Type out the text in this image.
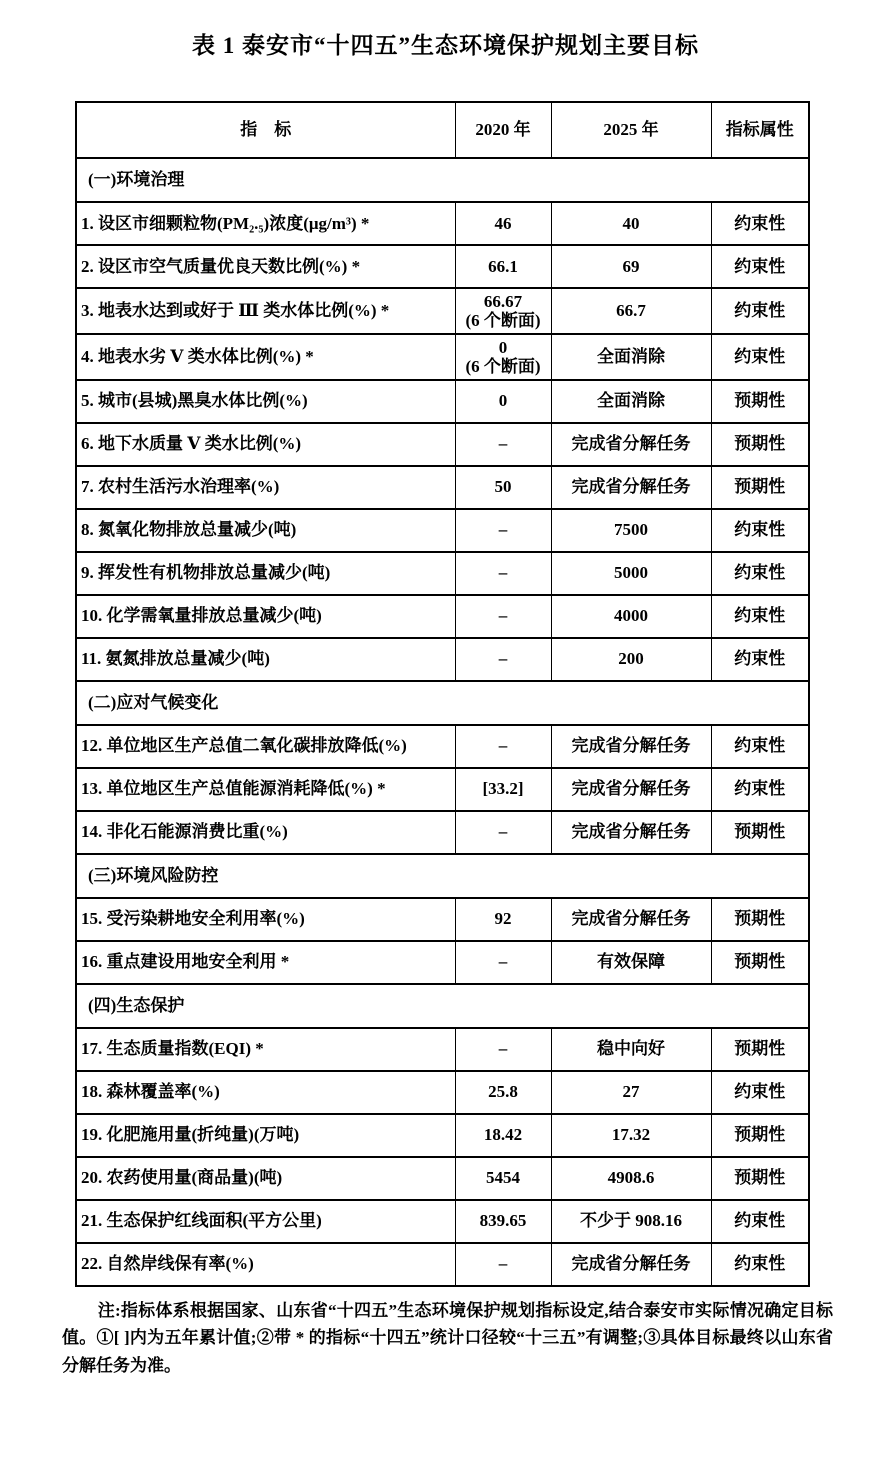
表 1 泰安市“十四五”生态环境保护规划主要目标
指　标	2020 年	2025 年	指标属性
(一)环境治理			
1. 设区市细颗粒物(PM₂.₅)浓度(μg/m³) *	46	40	约束性
2. 设区市空气质量优良天数比例(%) *	66.1	69	约束性
3. 地表水达到或好于 Ⅲ 类水体比例(%) *	66.67
(6 个断面)	66.7	约束性
4. 地表水劣 Ⅴ 类水体比例(%) *	0
(6 个断面)	全面消除	约束性
5. 城市(县城)黑臭水体比例(%)	0	全面消除	预期性
6. 地下水质量 Ⅴ 类水比例(%)	–	完成省分解任务	预期性
7. 农村生活污水治理率(%)	50	完成省分解任务	预期性
8. 氮氧化物排放总量减少(吨)	–	7500	约束性
9. 挥发性有机物排放总量减少(吨)	–	5000	约束性
10. 化学需氧量排放总量减少(吨)	–	4000	约束性
11. 氨氮排放总量减少(吨)	–	200	约束性
(二)应对气候变化			
12. 单位地区生产总值二氧化碳排放降低(%)	–	完成省分解任务	约束性
13. 单位地区生产总值能源消耗降低(%) *	[33.2]	完成省分解任务	约束性
14. 非化石能源消费比重(%)	–	完成省分解任务	预期性
(三)环境风险防控			
15. 受污染耕地安全利用率(%)	92	完成省分解任务	预期性
16. 重点建设用地安全利用 *	–	有效保障	预期性
(四)生态保护			
17. 生态质量指数(EQI) *	–	稳中向好	预期性
18. 森林覆盖率(%)	25.8	27	约束性
19. 化肥施用量(折纯量)(万吨)	18.42	17.32	预期性
20. 农药使用量(商品量)(吨)	5454	4908.6	预期性
21. 生态保护红线面积(平方公里)	839.65	不少于 908.16	约束性
22. 自然岸线保有率(%)	–	完成省分解任务	约束性
注:指标体系根据国家、山东省“十四五”生态环境保护规划指标设定,结合泰安市实际情况确定目标值。①[ ]内为五年累计值;②带 * 的指标“十四五”统计口径较“十三五”有调整;③具体目标最终以山东省分解任务为准。
